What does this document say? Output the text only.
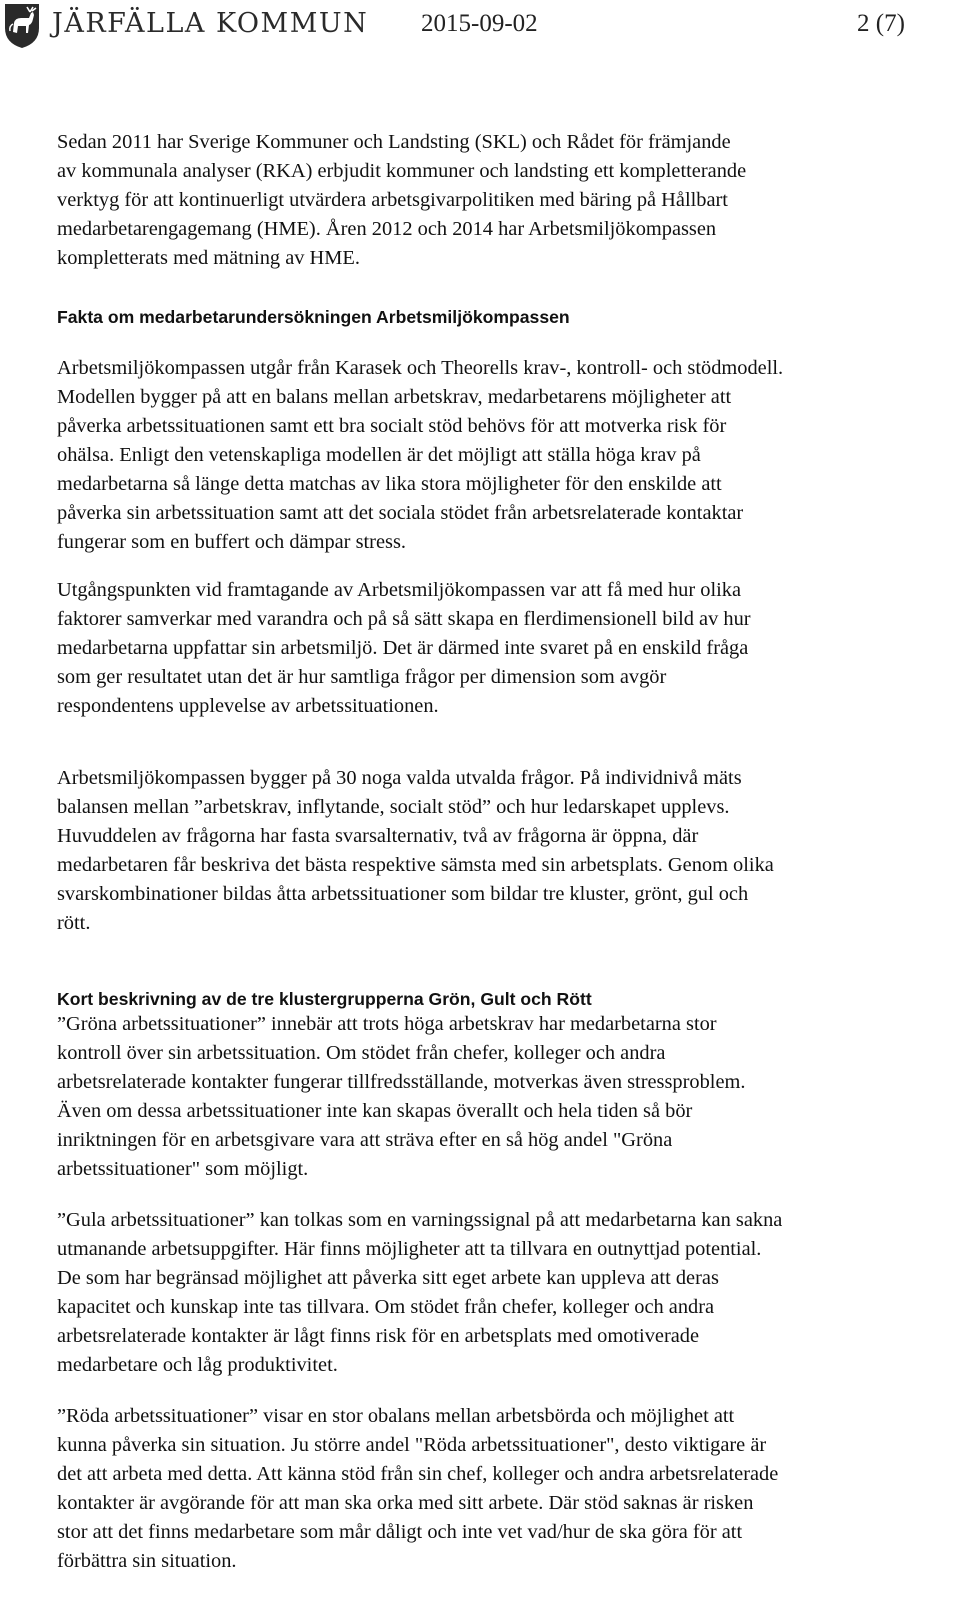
JÄRFÄLLA KOMMUN 2015-09-02	2 (7)

Sedan 2011 har Sverige Kommuner och Landsting (SKL) och Rådet för främjande
av kommunala analyser (RKA) erbjudit kommuner och landsting ett kompletterande
verktyg för att kontinuerligt utvärdera arbetsgivarpolitiken med bäring på Hållbart
medarbetarengagemang (HME). Åren 2012 och 2014 har Arbetsmiljökompassen
kompletterats med mätning av HME.

Fakta om medarbetarundersökningen Arbetsmiljökompassen

Arbetsmiljökompassen utgår från Karasek och Theorells krav-, kontroll- och stödmodell.
Modellen bygger på att en balans mellan arbetskrav, medarbetarens möjligheter att
påverka arbetssituationen samt ett bra socialt stöd behövs för att motverka risk för
ohälsa. Enligt den vetenskapliga modellen är det möjligt att ställa höga krav på
medarbetarna så länge detta matchas av lika stora möjligheter för den enskilde att
påverka sin arbetssituation samt att det sociala stödet från arbetsrelaterade kontaktar
fungerar som en buffert och dämpar stress.

Utgångspunkten vid framtagande av Arbetsmiljökompassen var att få med hur olika
faktorer samverkar med varandra och på så sätt skapa en flerdimensionell bild av hur
medarbetarna uppfattar sin arbetsmiljö. Det är därmed inte svaret på en enskild fråga
som ger resultatet utan det är hur samtliga frågor per dimension som avgör
respondentens upplevelse av arbetssituationen.

Arbetsmiljökompassen bygger på 30 noga valda utvalda frågor. På individnivå mäts
balansen mellan ”arbetskrav, inflytande, socialt stöd” och hur ledarskapet upplevs.
Huvuddelen av frågorna har fasta svarsalternativ, två av frågorna är öppna, där
medarbetaren får beskriva det bästa respektive sämsta med sin arbetsplats. Genom olika
svarskombinationer bildas åtta arbetssituationer som bildar tre kluster, grönt, gul och
rött.

Kort beskrivning av de tre klustergrupperna Grön, Gult och Rött

”Gröna arbetssituationer” innebär att trots höga arbetskrav har medarbetarna stor
kontroll över sin arbetssituation. Om stödet från chefer, kolleger och andra
arbetsrelaterade kontakter fungerar tillfredsställande, motverkas även stressproblem.
Även om dessa arbetssituationer inte kan skapas överallt och hela tiden så bör
inriktningen för en arbetsgivare vara att sträva efter en så hög andel "Gröna
arbetssituationer" som möjligt.

”Gula arbetssituationer” kan tolkas som en varningssignal på att medarbetarna kan sakna
utmanande arbetsuppgifter. Här finns möjligheter att ta tillvara en outnyttjad potential.
De som har begränsad möjlighet att påverka sitt eget arbete kan uppleva att deras
kapacitet och kunskap inte tas tillvara. Om stödet från chefer, kolleger och andra
arbetsrelaterade kontakter är lågt finns risk för en arbetsplats med omotiverade
medarbetare och låg produktivitet.

”Röda arbetssituationer” visar en stor obalans mellan arbetsbörda och möjlighet att
kunna påverka sin situation. Ju större andel "Röda arbetssituationer", desto viktigare är
det att arbeta med detta. Att känna stöd från sin chef, kolleger och andra arbetsrelaterade
kontakter är avgörande för att man ska orka med sitt arbete. Där stöd saknas är risken
stor att det finns medarbetare som mår dåligt och inte vet vad/hur de ska göra för att
förbättra sin situation.
